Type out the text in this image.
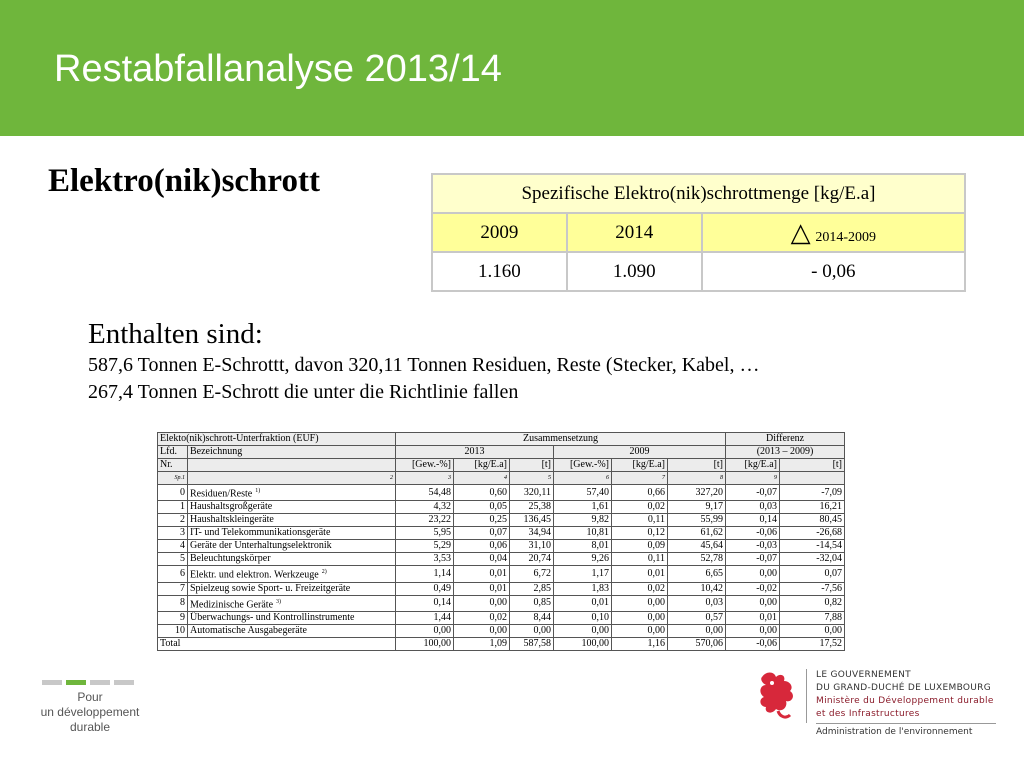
Restabfallanalyse 2013/14
Elektro(nik)schrott	Spezifische Elektro(nik)schrottmenge [kg/E.a]		
2009	2014	△ 2014-2009
1.160	1.090	- 0,06
Enthalten sind:
587,6 Tonnen E-Schrottt, davon 320,11 Tonnen Residuen, Reste (Stecker, Kabel, …
267,4 Tonnen E-Schrott die unter die Richtlinie fallen
Elekto(nik)schrott-Unterfraktion (EUF)		Zusammensetzung						Differenz	
Lfd.	Bezeichnung	2013			2009			(2013 – 2009)	
Nr.		[Gew.-%]	[kg/E.a]	[t]	[Gew.-%]	[kg/E.a]	[t]	[kg/E.a]	[t]
Sp.1	2	3	4	5	6	7	8	9	
0	Residuen/Reste $^{1)}$	54,48	0,60	320,11	57,40	0,66	327,20	-0,07	-7,09
1	Haushaltsgroßgeräte	4,32	0,05	25,38	1,61	0,02	9,17	0,03	16,21
2	Haushaltskleingeräte	23,22	0,25	136,45	9,82	0,11	55,99	0,14	80,45
3	IT- und Telekommunikationsgeräte	5,95	0,07	34,94	10,81	0,12	61,62	-0,06	-26,68
4	Geräte der Unterhaltungselektronik	5,29	0,06	31,10	8,01	0,09	45,64	-0,03	-14,54
5	Beleuchtungskörper	3,53	0,04	20,74	9,26	0,11	52,78	-0,07	-32,04
6	Elektr. und elektron. Werkzeuge $^{2)}$	1,14	0,01	6,72	1,17	0,01	6,65	0,00	0,07
7	Spielzeug sowie Sport- u. Freizeitgeräte	0,49	0,01	2,85	1,83	0,02	10,42	-0,02	-7,56
8	Medizinische Geräte $^{3)}$	0,14	0,00	0,85	0,01	0,00	0,03	0,00	0,82
9	Überwachungs- und Kontrollinstrumente	1,44	0,02	8,44	0,10	0,00	0,57	0,01	7,88
10	Automatische Ausgabegeräte	0,00	0,00	0,00	0,00	0,00	0,00	0,00	0,00
Total		100,00	1,09	587,58	100,00	1,16	570,06	-0,06	17,52
Pour
un développement
durable
LE GOUVERNEMENT
DU GRAND-DUCHÉ DE LUXEMBOURG
Ministère du Développement durable
et des Infrastructures
Administration de l'environnement
